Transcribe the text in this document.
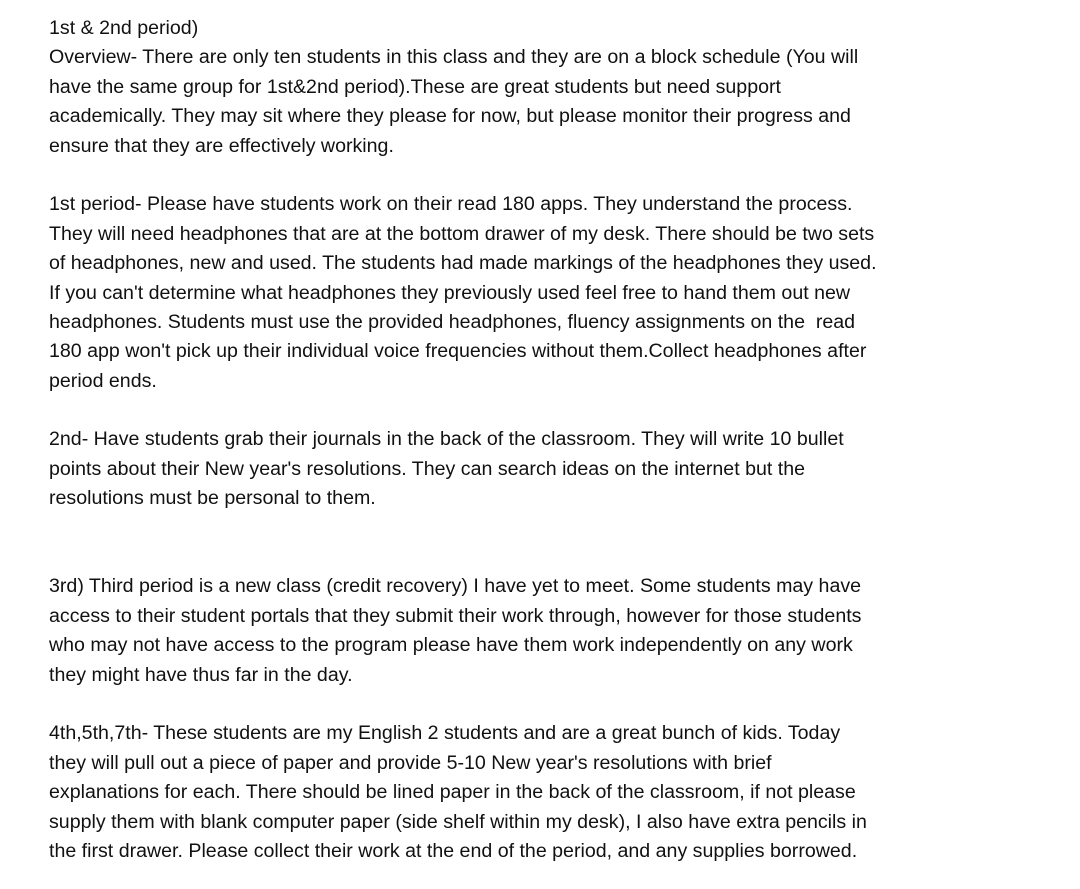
1st & 2nd period)
Overview- There are only ten students in this class and they are on a block schedule (You will
have the same group for 1st&2nd period).These are great students but need support
academically. They may sit where they please for now, but please monitor their progress and
ensure that they are effectively working.
1st period- Please have students work on their read 180 apps. They understand the process.
They will need headphones that are at the bottom drawer of my desk. There should be two sets
of headphones, new and used. The students had made markings of the headphones they used.
If you can't determine what headphones they previously used feel free to hand them out new
headphones. Students must use the provided headphones, fluency assignments on the  read
180 app won't pick up their individual voice frequencies without them.Collect headphones after
period ends.
2nd- Have students grab their journals in the back of the classroom. They will write 10 bullet
points about their New year's resolutions. They can search ideas on the internet but the
resolutions must be personal to them.
3rd) Third period is a new class (credit recovery) I have yet to meet. Some students may have
access to their student portals that they submit their work through, however for those students
who may not have access to the program please have them work independently on any work
they might have thus far in the day.
4th,5th,7th- These students are my English 2 students and are a great bunch of kids. Today
they will pull out a piece of paper and provide 5-10 New year's resolutions with brief
explanations for each. There should be lined paper in the back of the classroom, if not please
supply them with blank computer paper (side shelf within my desk), I also have extra pencils in
the first drawer. Please collect their work at the end of the period, and any supplies borrowed.
